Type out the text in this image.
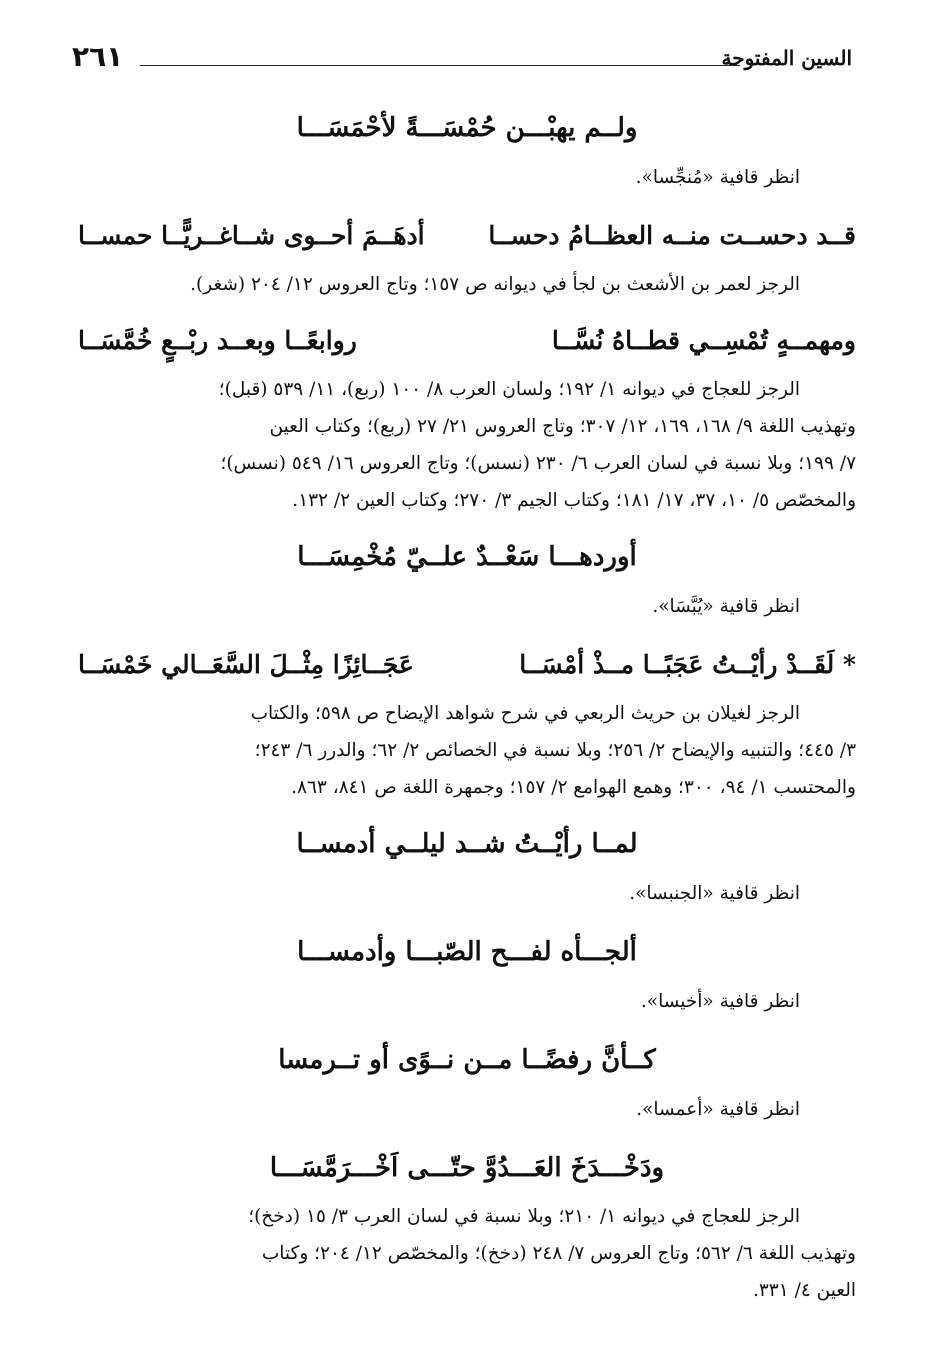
السين المفتوحة
٢٦١
ولــم يهبْـــن حُمْسَـــةً لأحْمَسَـــا

انظر قافية «مُنجِّسا».

قــد دحســت منــه العظــامُ دحســا
أدهَــمَ أحــوى شــاغــريًّــا حمســا

الرجز لعمر بن الأشعث بن لجأ في ديوانه ص ١٥٧؛ وتاج العروس ١٢/ ٢٠٤ (شغر).

ومهمــهٍ تُمْسِــي قطــاهُ نُسَّــا
روابعًــا وبعــد ربْــعٍ خُمَّسَــا

الرجز للعجاج في ديوانه ١/ ١٩٢؛ ولسان العرب ٨/ ١٠٠ (ربع)، ١١/ ٥٣٩ (قبل)؛
وتهذيب اللغة ٩/ ١٦٨، ١٦٩، ١٢/ ٣٠٧؛ وتاج العروس ٢١/ ٢٧ (ربع)؛ وكتاب العين
٧/ ١٩٩؛ وبلا نسبة في لسان العرب ٦/ ٢٣٠ (نسس)؛ وتاج العروس ١٦/ ٥٤٩ (نسس)؛
والمخصّص ٥/ ١٠، ٣٧، ١٧/ ١٨١؛ وكتاب الجيم ٣/ ٢٧٠؛ وكتاب العين ٢/ ١٣٢.

أوردهـــا سَعْــدٌ علــيّ مُخْمِسَـــا

انظر قافية «يُبَّسَا».

* لَقَــدْ رأيْــتُ عَجَبًــا مــذْ أمْسَــا
عَجَــائِزًا مِثْــلَ السَّعَــالي خَمْسَــا

الرجز لغيلان بن حريث الربعي في شرح شواهد الإيضاح ص ٥٩٨؛ والكتاب
٣/ ٤٤٥؛ والتنبيه والإيضاح ٢/ ٢٥٦؛ وبلا نسبة في الخصائص ٢/ ٦٢؛ والدرر ٦/ ٢٤٣؛
والمحتسب ١/ ٩٤، ٣٠٠؛ وهمع الهوامع ٢/ ١٥٧؛ وجمهرة اللغة ص ٨٤١، ٨٦٣.

لمــا رأيْــتُ شــد ليلــي أدمســا

انظر قافية «الجنبسا».

ألجـــأه لفـــح الصّبـــا وأدمســـا

انظر قافية «أخيسا».

كــأنَّ رفضًــا مــن نــوًى أو تــرمسا

انظر قافية «أعمسا».

ودَخْـــدَخَ العَـــدُوَّ حتّـــى اَخْـــرَمَّسَـــا

الرجز للعجاج في ديوانه ١/ ٢١٠؛ وبلا نسبة في لسان العرب ٣/ ١٥ (دخخ)؛
وتهذيب اللغة ٦/ ٥٦٢؛ وتاج العروس ٧/ ٢٤٨ (دخخ)؛ والمخصّص ١٢/ ٢٠٤؛ وكتاب
العين ٤/ ٣٣١.
